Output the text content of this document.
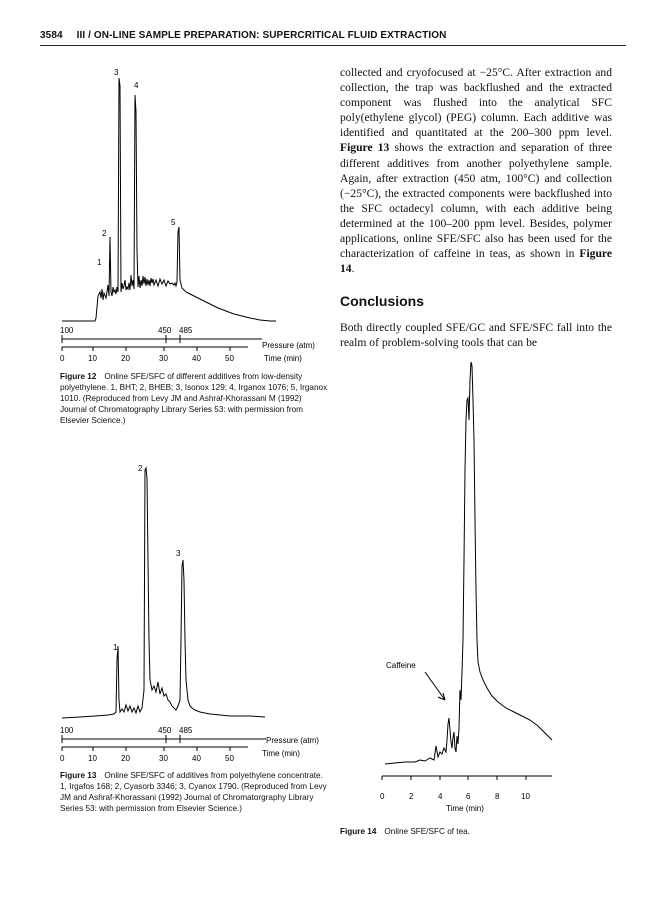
3584 III / ON-LINE SAMPLE PREPARATION: SUPERCRITICAL FLUID EXTRACTION
collected and cryofocused at −25°C. After extraction and collection, the trap was backflushed and the extracted component was flushed into the analytical SFC poly(ethylene glycol) (PEG) column. Each additive was identified and quantitated at the 200–300 ppm level. Figure 13 shows the extraction and separation of three different additives from another polyethylene sample. Again, after extraction (450 atm, 100°C) and collection (−25°C), the extracted components were backflushed into the SFC octadecyl column, with each additive being determined at the 100–200 ppm level. Besides, polymer applications, online SFE/SFC also has been used for the characterization of caffeine in teas, as shown in Figure 14.
Conclusions
Both directly coupled SFE/GC and SFE/SFC fall into the realm of problem-solving tools that can be
1
2
3
4
5
100	450 485
Pressure (atm)
0	10	20	30	40	50	Time (min)
Figure 12 Online SFE/SFC of different additives from low-density polyethylene. 1, BHT; 2, BHEB; 3, Isonox 129; 4, Irganox 1076; 5, Irganox 1010. (Reproduced from Levy JM and Ashraf-Khorassani M (1992) Journal of Chromatography Library Series 53: with permission from Elsevier Science.)
1
2
3
100	450 485
Pressure (atm)
0	10	20	30	40	50
Time (min)
Figure 13 Online SFE/SFC of additives from polyethylene concentrate. 1, Irgafos 168; 2, Cyasorb 3346; 3, Cyanox 1790. (Reproduced from Levy JM and Ashraf-Khorassani (1992) Journal of Chromatorgraphy Library Series 53: with permission from Elsevier Science.)
Caffeine
0	2	4	6	8	10
Time (min)
Figure 14 Online SFE/SFC of tea.
